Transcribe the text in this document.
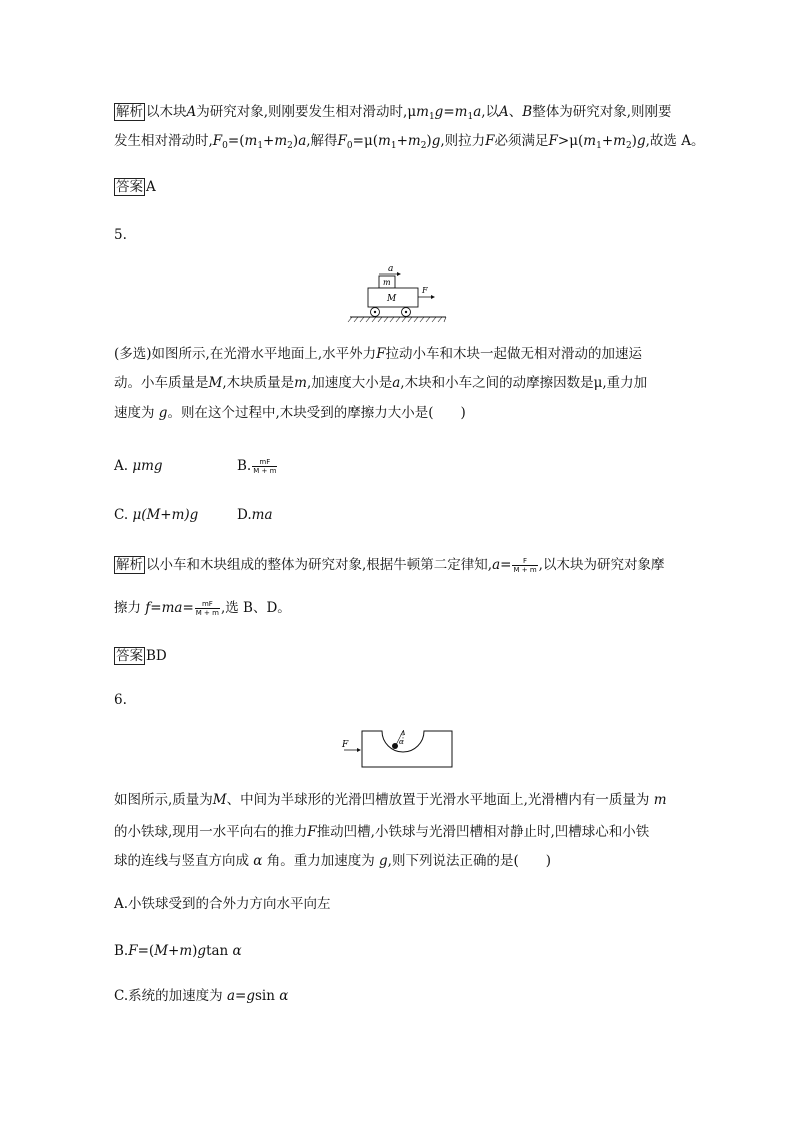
解析 以木块A为研究对象,则刚要发生相对滑动时$,\mu m_1g=m_1a$,以A、B整体为研究对象,则刚要
发生相对滑动时$,F_0=(m_1+m_2)a$,解得$F_0=\mu(m_1+m_2)g$,则拉力F必须满足$F>\mu(m_1+m_2)g$,故选 A。
答案 A
5.
a
m
M
F
(多选)如图所示,在光滑水平地面上,水平外力F拉动小车和木块一起做无相对滑动的加速运
动。小车质量是M,木块质量是m,加速度大小是a,木块和小车之间的动摩擦因数是μ,重力加
速度为 g。则在这个过程中,木块受到的摩擦力大小是(　　)
A. μmg	B. $\frac{mF}{M + m}$
C. μ(M+m)g	D.ma
解析 以小车和木块组成的整体为研究对象,根据牛顿第二定律知$,a= \frac{F}{M + m}$ ,以木块为研究对象摩
擦力 $f=ma= \frac{mF}{M + m}$ ,选 B、D。
答案 BD
6.
F
A
α
如图所示,质量为M、中间为半球形的光滑凹槽放置于光滑水平地面上,光滑槽内有一质量为 m
的小铁球,现用一水平向右的推力F推动凹槽,小铁球与光滑凹槽相对静止时,凹槽球心和小铁
球的连线与竖直方向成 α 角。重力加速度为 g,则下列说法正确的是(　　)
A.小铁球受到的合外力方向水平向左
B.F=(M+m)gtan α
C.系统的加速度为 a=gsin α
